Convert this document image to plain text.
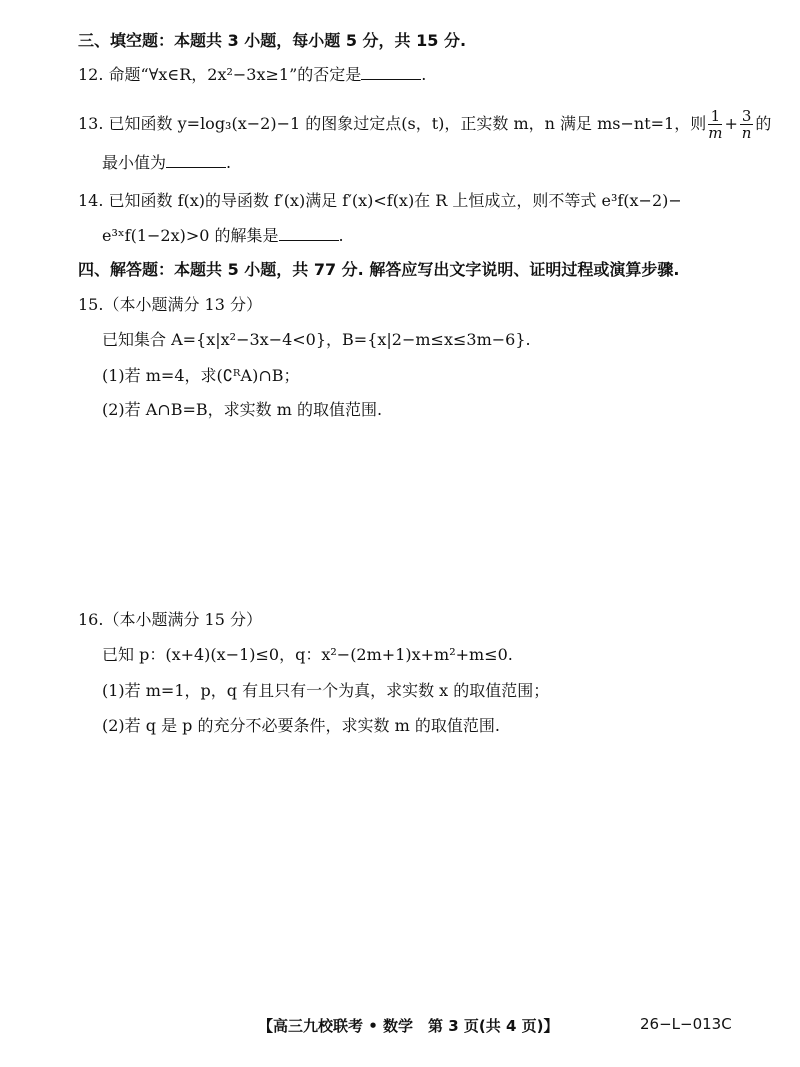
三、填空题：本题共 3 小题，每小题 5 分，共 15 分.
12. 命题“∀x∈R，2x²−3x≥1”的否定是	.
13. 已知函数 y=log₃(x−2)−1 的图象过定点(s，t)，正实数 m，n 满足 ms−nt=1，则 $\frac{1}{m} + \frac{3}{n}$ 的
最小值为	.
14. 已知函数 f(x)的导函数 f′(x)满足 f′(x)<f(x)在 R 上恒成立，则不等式 e³f(x−2)−
e³ˣf(1−2x)>0 的解集是	.
四、解答题：本题共 5 小题，共 77 分. 解答应写出文字说明、证明过程或演算步骤.
15.（本小题满分 13 分）
已知集合 A={x|x²−3x−4<0}，B={x|2−m≤x≤3m−6}.
(1)若 m=4，求(∁ᴿA)∩B；
(2)若 A∩B=B，求实数 m 的取值范围.
16.（本小题满分 15 分）
已知 p：(x+4)(x−1)≤0，q：x²−(2m+1)x+m²+m≤0.
(1)若 m=1，p，q 有且只有一个为真，求实数 x 的取值范围；
(2)若 q 是 p 的充分不必要条件，求实数 m 的取值范围.
【高三九校联考 • 数学　第 3 页(共 4 页)】	26−L−013C
